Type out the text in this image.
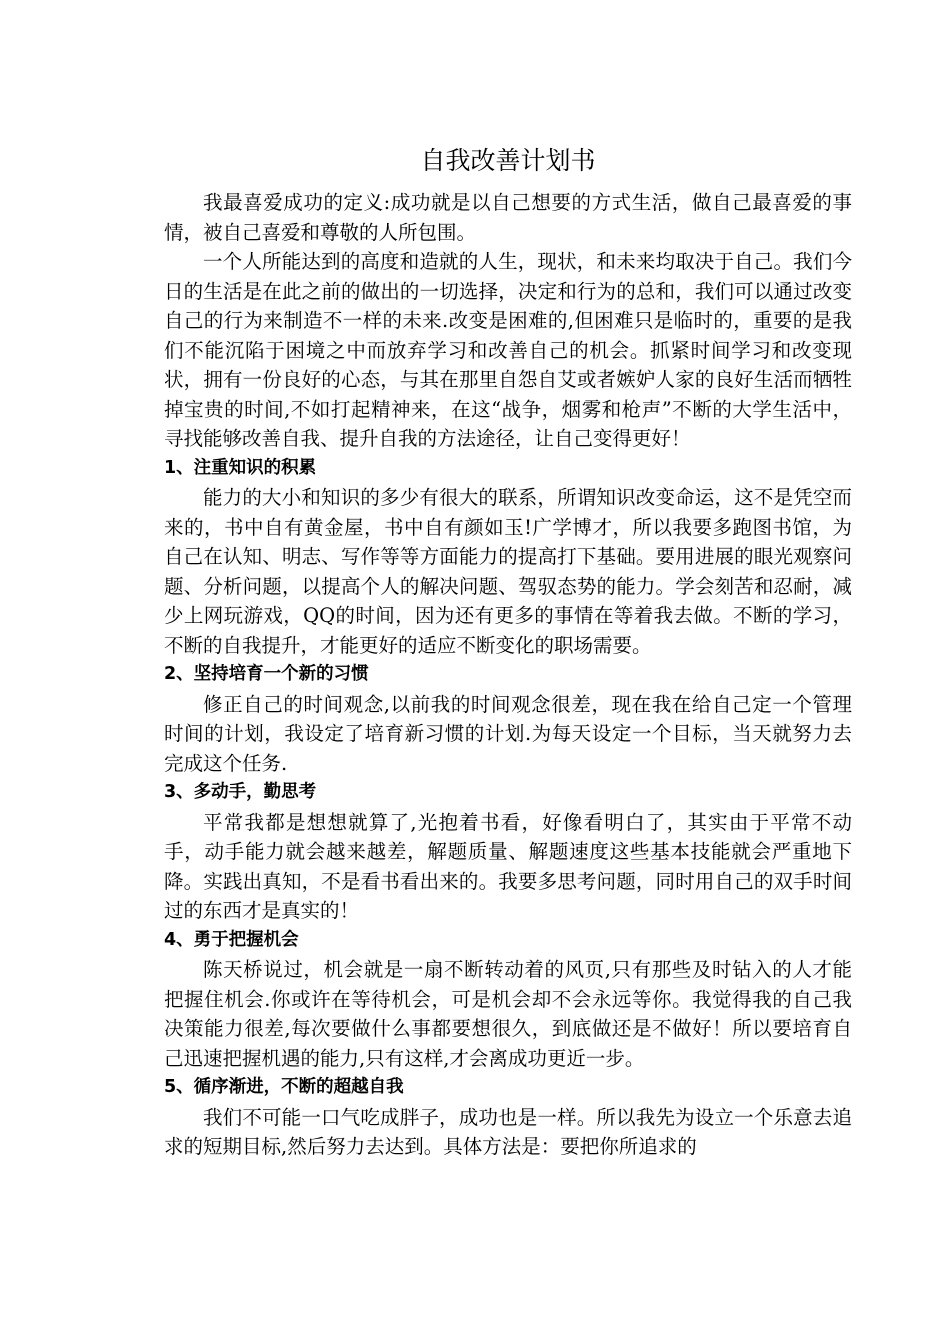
自我改善计划书

我最喜爱成功的定义:成功就是以自己想要的方式生活，做自己最喜爱的事情，被自己喜爱和尊敬的人所包围。

一个人所能达到的高度和造就的人生，现状，和未来均取决于自己。我们今日的生活是在此之前的做出的一切选择，决定和行为的总和，我们可以通过改变自己的行为来制造不一样的未来.改变是困难的,但困难只是临时的，重要的是我们不能沉陷于困境之中而放弃学习和改善自己的机会。抓紧时间学习和改变现状，拥有一份良好的心态，与其在那里自怨自艾或者嫉妒人家的良好生活而牺牲掉宝贵的时间,不如打起精神来，在这“战争，烟雾和枪声”不断的大学生活中，寻找能够改善自我、提升自我的方法途径，让自己变得更好！

1、注重知识的积累

能力的大小和知识的多少有很大的联系，所谓知识改变命运，这不是凭空而来的，书中自有黄金屋，书中自有颜如玉!广学博才，所以我要多跑图书馆，为自己在认知、明志、写作等等方面能力的提高打下基础。要用进展的眼光观察问题、分析问题，以提高个人的解决问题、驾驭态势的能力。学会刻苦和忍耐，减少上网玩游戏，QQ的时间，因为还有更多的事情在等着我去做。不断的学习，不断的自我提升，才能更好的适应不断变化的职场需要。

2、坚持培育一个新的习惯

修正自己的时间观念,以前我的时间观念很差，现在我在给自己定一个管理时间的计划，我设定了培育新习惯的计划.为每天设定一个目标，当天就努力去完成这个任务.

3、多动手，勤思考

平常我都是想想就算了,光抱着书看，好像看明白了，其实由于平常不动手，动手能力就会越来越差，解题质量、解题速度这些基本技能就会严重地下降。实践出真知，不是看书看出来的。我要多思考问题，同时用自己的双手时间过的东西才是真实的！

4、勇于把握机会

陈天桥说过，机会就是一扇不断转动着的风页,只有那些及时钻入的人才能把握住机会.你或许在等待机会，可是机会却不会永远等你。我觉得我的自己我决策能力很差,每次要做什么事都要想很久，到底做还是不做好！所以要培育自己迅速把握机遇的能力,只有这样,才会离成功更近一步。

5、循序渐进，不断的超越自我

我们不可能一口气吃成胖子，成功也是一样。所以我先为设立一个乐意去追求的短期目标,然后努力去达到。具体方法是：要把你所追求的
